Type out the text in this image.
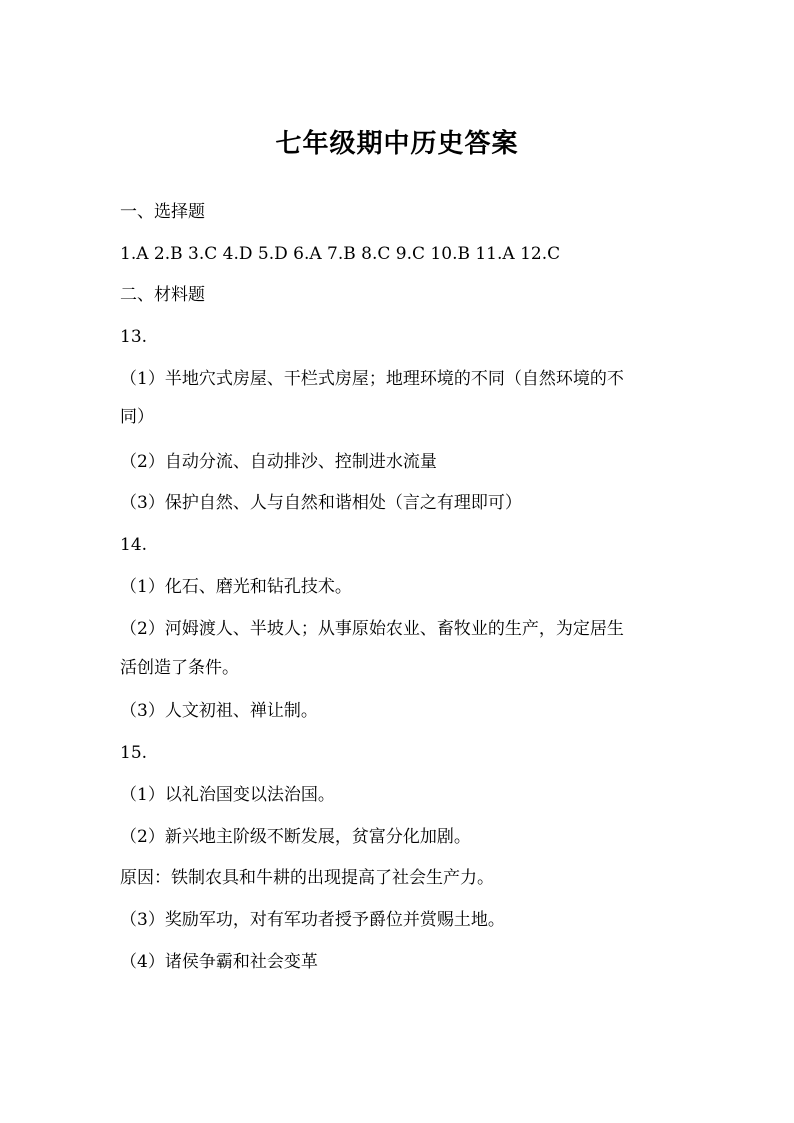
七年级期中历史答案
一、选择题
1.A 2.B 3.C 4.D 5.D 6.A 7.B 8.C 9.C 10.B 11.A 12.C
二、材料题
13.
（1）半地穴式房屋、干栏式房屋；地理环境的不同（自然环境的不
同）
（2）自动分流、自动排沙、控制进水流量
（3）保护自然、人与自然和谐相处（言之有理即可）
14.
（1）化石、磨光和钻孔技术。
（2）河姆渡人、半坡人；从事原始农业、畜牧业的生产，为定居生
活创造了条件。
（3）人文初祖、禅让制。
15.
（1）以礼治国变以法治国。
（2）新兴地主阶级不断发展，贫富分化加剧。
原因：铁制农具和牛耕的出现提高了社会生产力。
（3）奖励军功，对有军功者授予爵位并赏赐土地。
（4）诸侯争霸和社会变革
